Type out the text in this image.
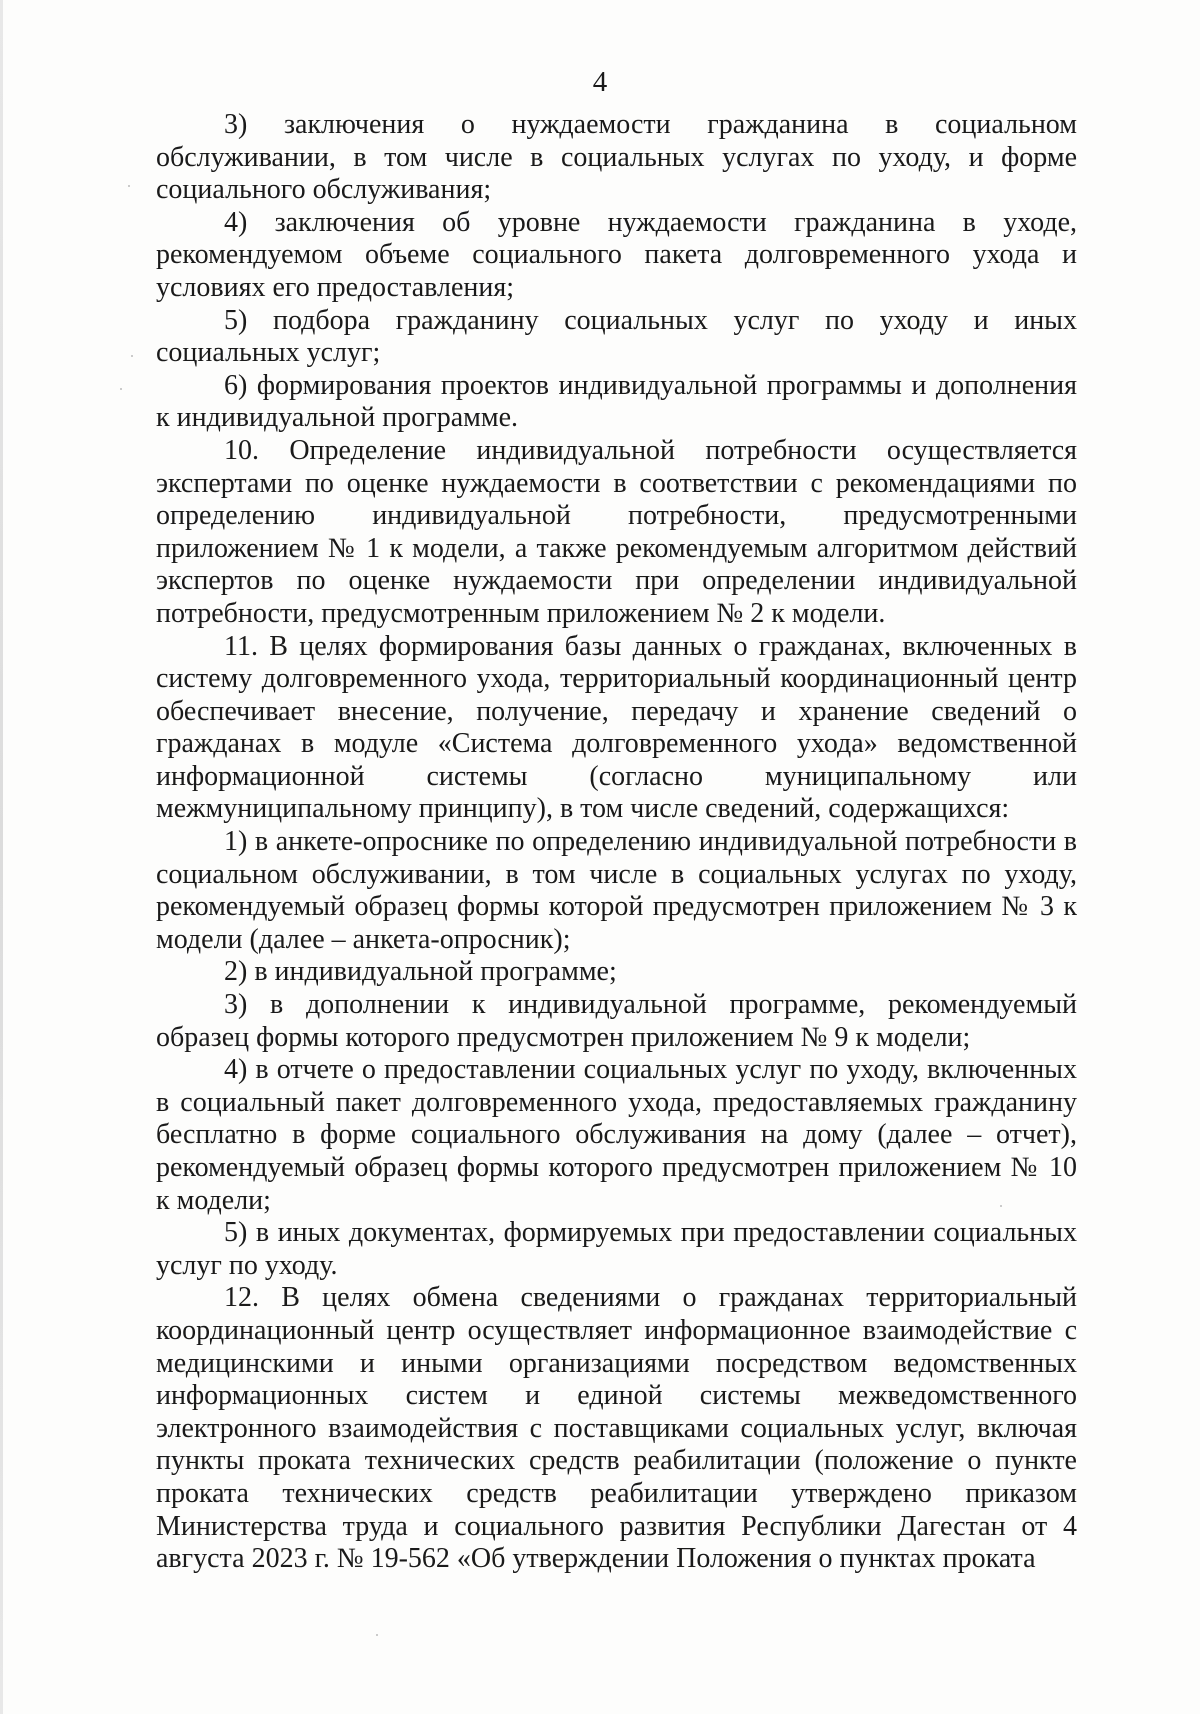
4

3) заключения о нуждаемости гражданина в социальном обслуживании, в том числе в социальных услугах по уходу, и форме социального обслуживания;

4) заключения об уровне нуждаемости гражданина в уходе, рекомендуемом объеме социального пакета долговременного ухода и условиях его предоставления;

5) подбора гражданину социальных услуг по уходу и иных социальных услуг;

6) формирования проектов индивидуальной программы и дополнения к индивидуальной программе.

10. Определение индивидуальной потребности осуществляется экспертами по оценке нуждаемости в соответствии с рекомендациями по определению индивидуальной потребности, предусмотренными приложением № 1 к модели, а также рекомендуемым алгоритмом действий экспертов по оценке нуждаемости при определении индивидуальной потребности, предусмотренным приложением № 2 к модели.

11. В целях формирования базы данных о гражданах, включенных в систему долговременного ухода, территориальный координационный центр обеспечивает внесение, получение, передачу и хранение сведений о гражданах в модуле «Система долговременного ухода» ведомственной информационной системы (согласно муниципальному или межмуниципальному принципу), в том числе сведений, содержащихся:

1) в анкете-опроснике по определению индивидуальной потребности в социальном обслуживании, в том числе в социальных услугах по уходу, рекомендуемый образец формы которой предусмотрен приложением № 3 к модели (далее – анкета-опросник);

2) в индивидуальной программе;

3) в дополнении к индивидуальной программе, рекомендуемый образец формы которого предусмотрен приложением № 9 к модели;

4) в отчете о предоставлении социальных услуг по уходу, включенных в социальный пакет долговременного ухода, предоставляемых гражданину бесплатно в форме социального обслуживания на дому (далее – отчет), рекомендуемый образец формы которого предусмотрен приложением № 10 к модели;

5) в иных документах, формируемых при предоставлении социальных услуг по уходу.

12. В целях обмена сведениями о гражданах территориальный координационный центр осуществляет информационное взаимодействие с медицинскими и иными организациями посредством ведомственных информационных систем и единой системы межведомственного электронного взаимодействия с поставщиками социальных услуг, включая пункты проката технических средств реабилитации (положение о пункте проката технических средств реабилитации утверждено приказом Министерства труда и социального развития Республики Дагестан от 4 августа 2023 г. № 19-562 «Об утверждении Положения о пунктах проката
